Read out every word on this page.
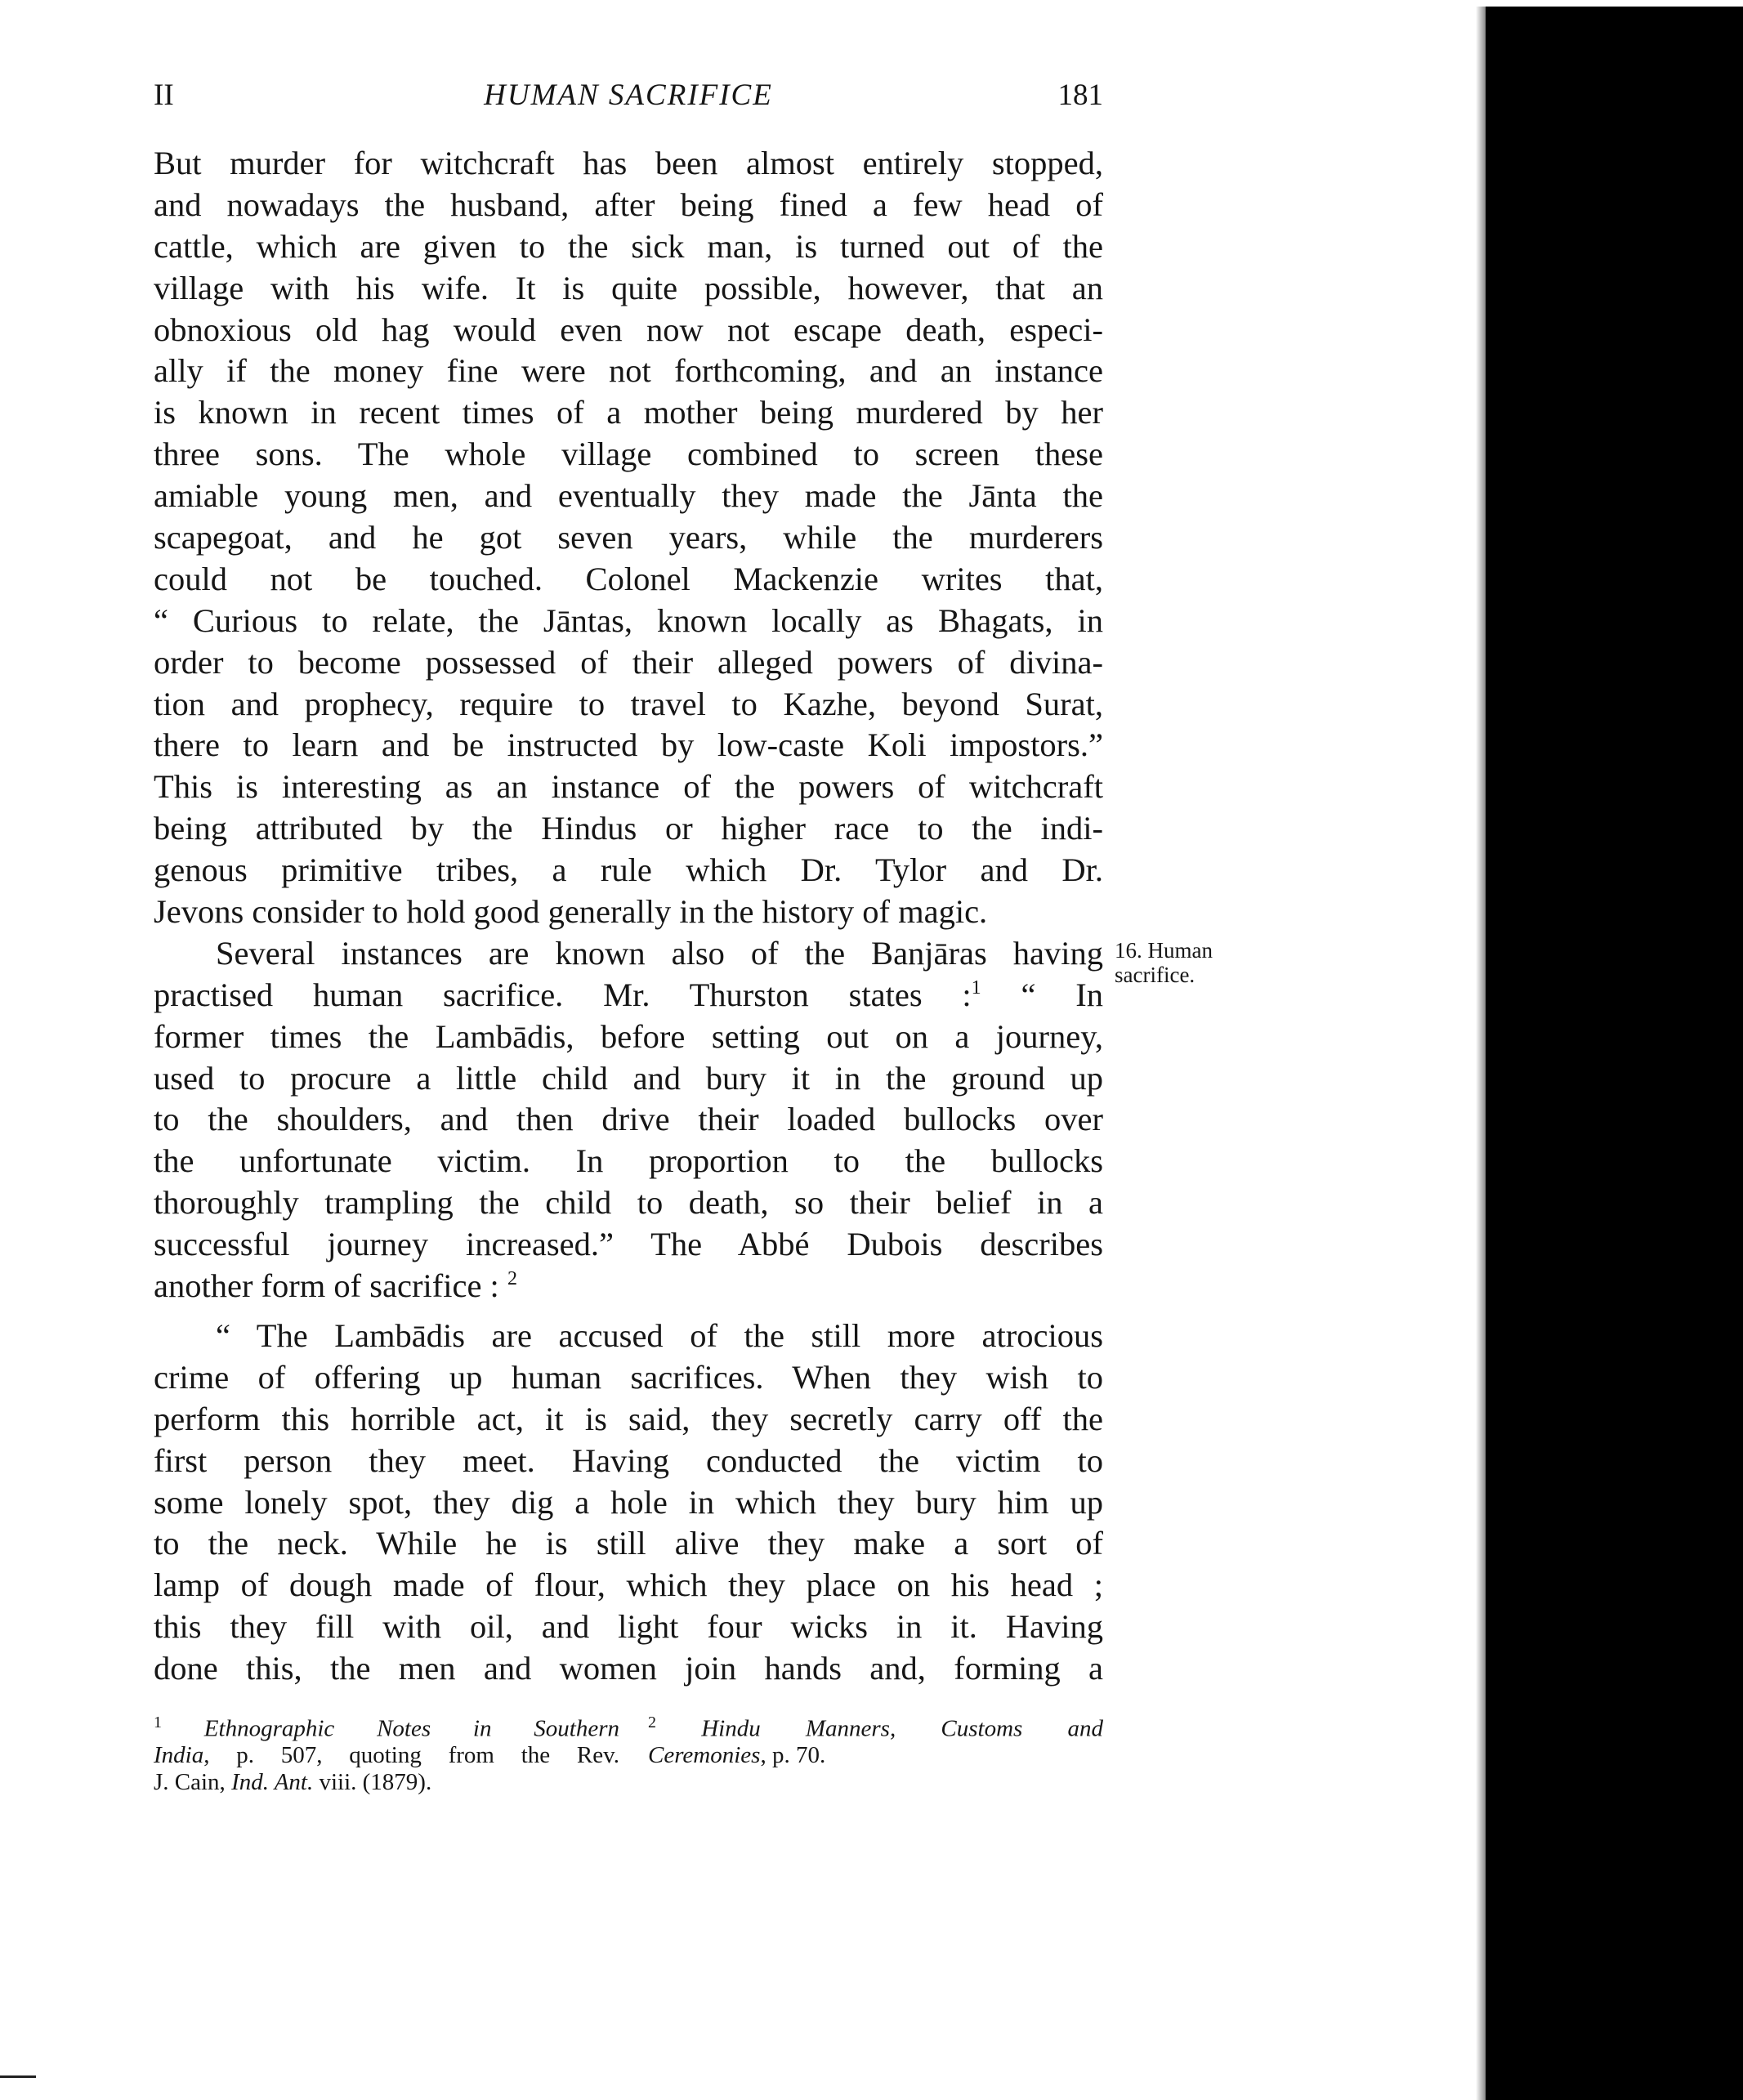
II	HUMAN SACRIFICE	181
But murder for witchcraft has been almost entirely stopped,
and nowadays the husband, after being fined a few head of
cattle, which are given to the sick man, is turned out of the
village with his wife. It is quite possible, however, that an
obnoxious old hag would even now not escape death, especi-
ally if the money fine were not forthcoming, and an instance
is known in recent times of a mother being murdered by her
three sons. The whole village combined to screen these
amiable young men, and eventually they made the Jānta the
scapegoat, and he got seven years, while the murderers
could not be touched. Colonel Mackenzie writes that,
“ Curious to relate, the Jāntas, known locally as Bhagats, in
order to become possessed of their alleged powers of divina-
tion and prophecy, require to travel to Kazhe, beyond Surat,
there to learn and be instructed by low-caste Koli impostors.”
This is interesting as an instance of the powers of witchcraft
being attributed by the Hindus or higher race to the indi-
genous primitive tribes, a rule which Dr. Tylor and Dr.
Jevons consider to hold good generally in the history of magic.
Several instances are known also of the Banjāras having
practised human sacrifice. Mr. Thurston states :$^1$ “ In
former times the Lambādis, before setting out on a journey,
used to procure a little child and bury it in the ground up
to the shoulders, and then drive their loaded bullocks over
the unfortunate victim. In proportion to the bullocks
thoroughly trampling the child to death, so their belief in a
successful journey increased.” The Abbé Dubois describes
another form of sacrifice : $^2$
“ The Lambādis are accused of the still more atrocious
crime of offering up human sacrifices. When they wish to
perform this horrible act, it is said, they secretly carry off the
first person they meet. Having conducted the victim to
some lonely spot, they dig a hole in which they bury him up
to the neck. While he is still alive they make a sort of
lamp of dough made of flour, which they place on his head ;
this they fill with oil, and light four wicks in it. Having
done this, the men and women join hands and, forming a
16. Human
sacrifice.
$^1$ Ethnographic Notes in Southern
India, p. 507, quoting from the Rev.
J. Cain, Ind. Ant. viii. (1879).
$^2$ Hindu Manners, Customs and
Ceremonies, p. 70.
